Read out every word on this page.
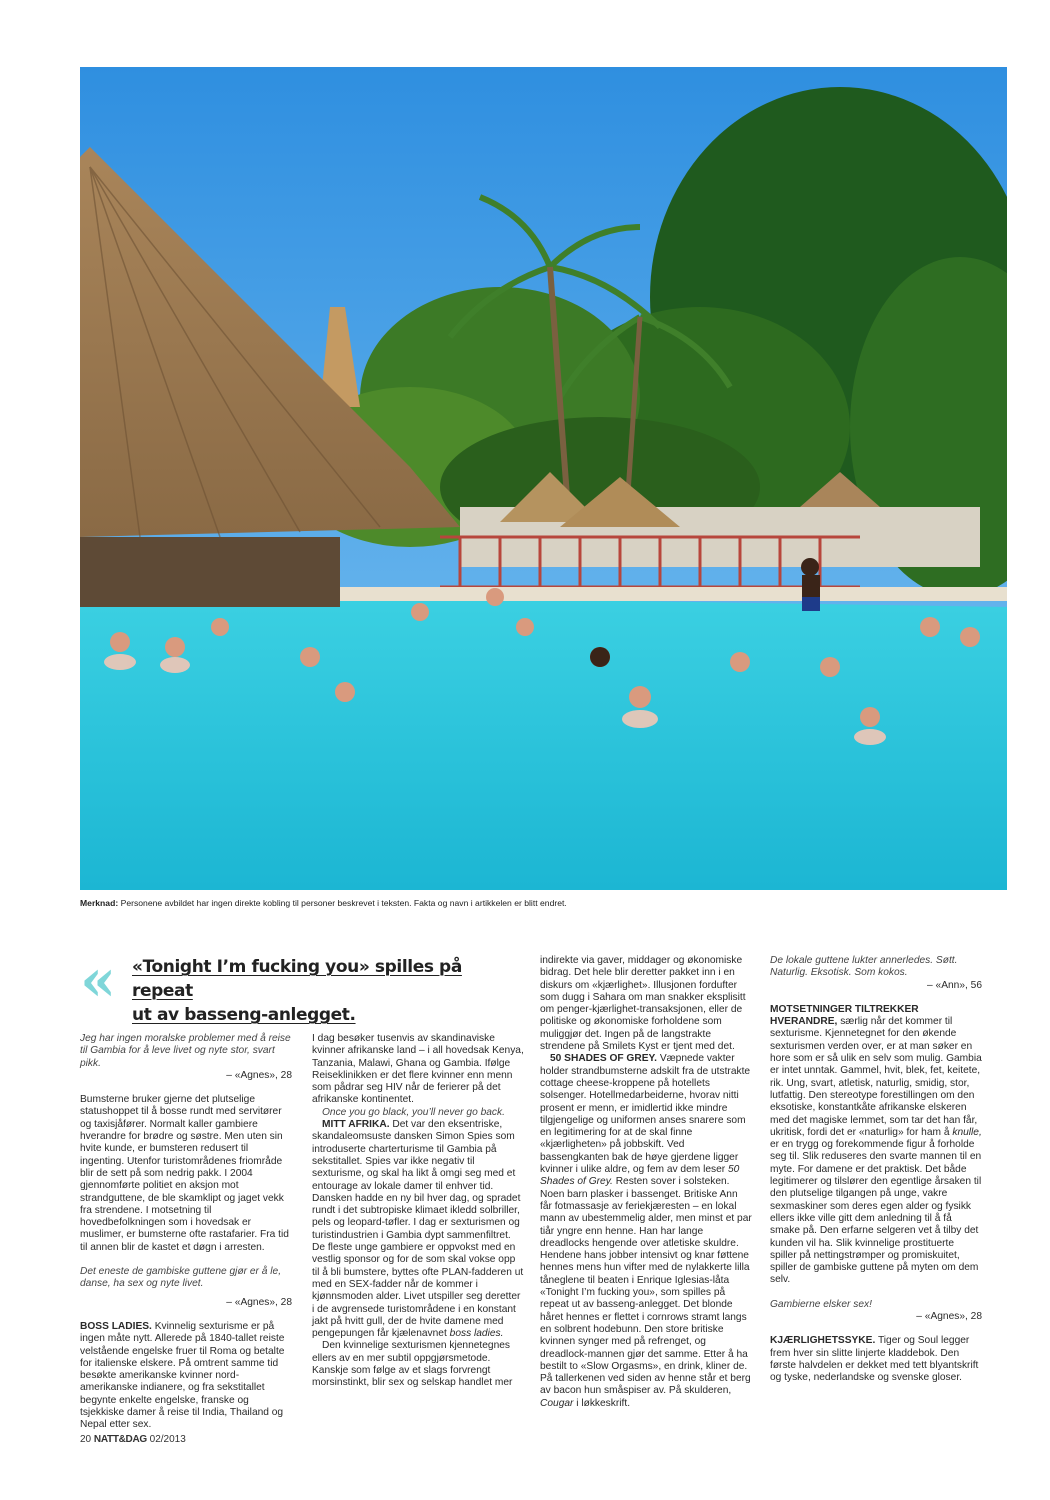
Merknad: Personene avbildet har ingen direkte kobling til personer beskrevet i teksten. Fakta og navn i artikkelen er blitt endret.
« «Tonight I’m fucking you» spilles på repeat
ut av basseng-anlegget.

Jeg har ingen moralske problemer med å reise til Gambia for å leve livet og nyte stor, svart pikk.

– «Agnes», 28

Bumsterne bruker gjerne det plutselige statushoppet til å bosse rundt med servitører og taxisjåfører. Normalt kaller gambiere hverandre for brødre og søstre. Men uten sin hvite kunde, er bumsteren redusert til ingenting. Utenfor turistområdenes friområde blir de sett på som nedrig pakk. I 2004 gjennomførte politiet en aksjon mot strandguttene, de ble skamklipt og jaget vekk fra strendene. I motsetning til hovedbefolkningen som i hovedsak er muslimer, er bumsterne ofte rastafarier. Fra tid til annen blir de kastet et døgn i arresten.

Det eneste de gambiske guttene gjør er å le, danse, ha sex og nyte livet.

– «Agnes», 28

BOSS LADIES. Kvinnelig sexturisme er på ingen måte nytt. Allerede på 1840-tallet reiste velstående engelske fruer til Roma og betalte for italienske elskere. På omtrent samme tid besøkte amerikanske kvinner nord-amerikanske indianere, og fra sekstitallet begynte enkelte engelske, franske og tsjekkiske damer å reise til India, Thailand og Nepal etter sex.

I dag besøker tusenvis av skandinaviske kvinner afrikanske land – i all hovedsak Kenya, Tanzania, Malawi, Ghana og Gambia. Ifølge Reiseklinikken er det flere kvinner enn menn som pådrar seg HIV når de ferierer på det afrikanske kontinentet.

Once you go black, you’ll never go back.

MITT AFRIKA. Det var den eksentriske, skandaleomsuste dansken Simon Spies som introduserte charterturisme til Gambia på sekstitallet. Spies var ikke negativ til sexturisme, og skal ha likt å omgi seg med et entourage av lokale damer til enhver tid. Dansken hadde en ny bil hver dag, og spradet rundt i det subtropiske klimaet ikledd solbriller, pels og leopard-tøfler. I dag er sexturismen og turistindustrien i Gambia dypt sammenfiltret. De fleste unge gambiere er oppvokst med en vestlig sponsor og for de som skal vokse opp til å bli bumstere, byttes ofte PLAN-fadderen ut med en SEX-fadder når de kommer i kjønnsmoden alder. Livet utspiller seg deretter i de avgrensede turistområdene i en konstant jakt på hvitt gull, der de hvite damene med pengepungen får kjælenavnet boss ladies.

Den kvinnelige sexturismen kjennetegnes ellers av en mer subtil oppgjørsmetode. Kanskje som følge av et slags forvrengt morsinstinkt, blir sex og selskap handlet mer

indirekte via gaver, middager og økonomiske bidrag. Det hele blir deretter pakket inn i en diskurs om «kjærlighet». Illusjonen fordufter som dugg i Sahara om man snakker eksplisitt om penger-kjærlighet-transaksjonen, eller de politiske og økonomiske forholdene som muliggjør det. Ingen på de langstrakte strendene på Smilets Kyst er tjent med det.

50 SHADES OF GREY. Væpnede vakter holder strandbumsterne adskilt fra de utstrakte cottage cheese-kroppene på hotellets solsenger. Hotellmedarbeiderne, hvorav nitti prosent er menn, er imidlertid ikke mindre tilgjengelige og uniformen anses snarere som en legitimering for at de skal finne «kjærligheten» på jobbskift. Ved bassengkanten bak de høye gjerdene ligger kvinner i ulike aldre, og fem av dem leser 50 Shades of Grey. Resten sover i solsteken. Noen barn plasker i bassenget. Britiske Ann får fotmassasje av feriekjæresten – en lokal mann av ubestemmelig alder, men minst et par tiår yngre enn henne. Han har lange dreadlocks hengende over atletiske skuldre. Hendene hans jobber intensivt og knar føttene hennes mens hun vifter med de nylakkerte lilla tåneglene til beaten i Enrique Iglesias-låta «Tonight I’m fucking you», som spilles på repeat ut av basseng-anlegget. Det blonde håret hennes er flettet i cornrows stramt langs en solbrent hodebunn. Den store britiske kvinnen synger med på refrenget, og dreadlock-mannen gjør det samme. Etter å ha bestilt to «Slow Orgasms», en drink, kliner de. På tallerkenen ved siden av henne står et berg av bacon hun småspiser av. På skulderen, Cougar i løkkeskrift.

De lokale guttene lukter annerledes. Søtt. Naturlig. Eksotisk. Som kokos.

– «Ann», 56

MOTSETNINGER TILTREKKER HVERANDRE, særlig når det kommer til sexturisme. Kjennetegnet for den økende sexturismen verden over, er at man søker en hore som er så ulik en selv som mulig. Gambia er intet unntak. Gammel, hvit, blek, fet, keitete, rik. Ung, svart, atletisk, naturlig, smidig, stor, lutfattig. Den stereotype forestillingen om den eksotiske, konstantkåte afrikanske elskeren med det magiske lemmet, som tar det han får, ukritisk, fordi det er «naturlig» for ham å knulle, er en trygg og forekommende figur å forholde seg til. Slik reduseres den svarte mannen til en myte. For damene er det praktisk. Det både legitimerer og tilslører den egentlige årsaken til den plutselige tilgangen på unge, vakre sexmaskiner som deres egen alder og fysikk ellers ikke ville gitt dem anledning til å få smake på. Den erfarne selgeren vet å tilby det kunden vil ha. Slik kvinnelige prostituerte spiller på nettingstrømper og promiskuitet, spiller de gambiske guttene på myten om dem selv.

Gambierne elsker sex!

– «Agnes», 28

KJÆRLIGHETSSYKE. Tiger og Soul legger frem hver sin slitte linjerte kladdebok. Den første halvdelen er dekket med tett blyantskrift og tyske, nederlandske og svenske gloser.

20 NATT&DAG 02/2013
